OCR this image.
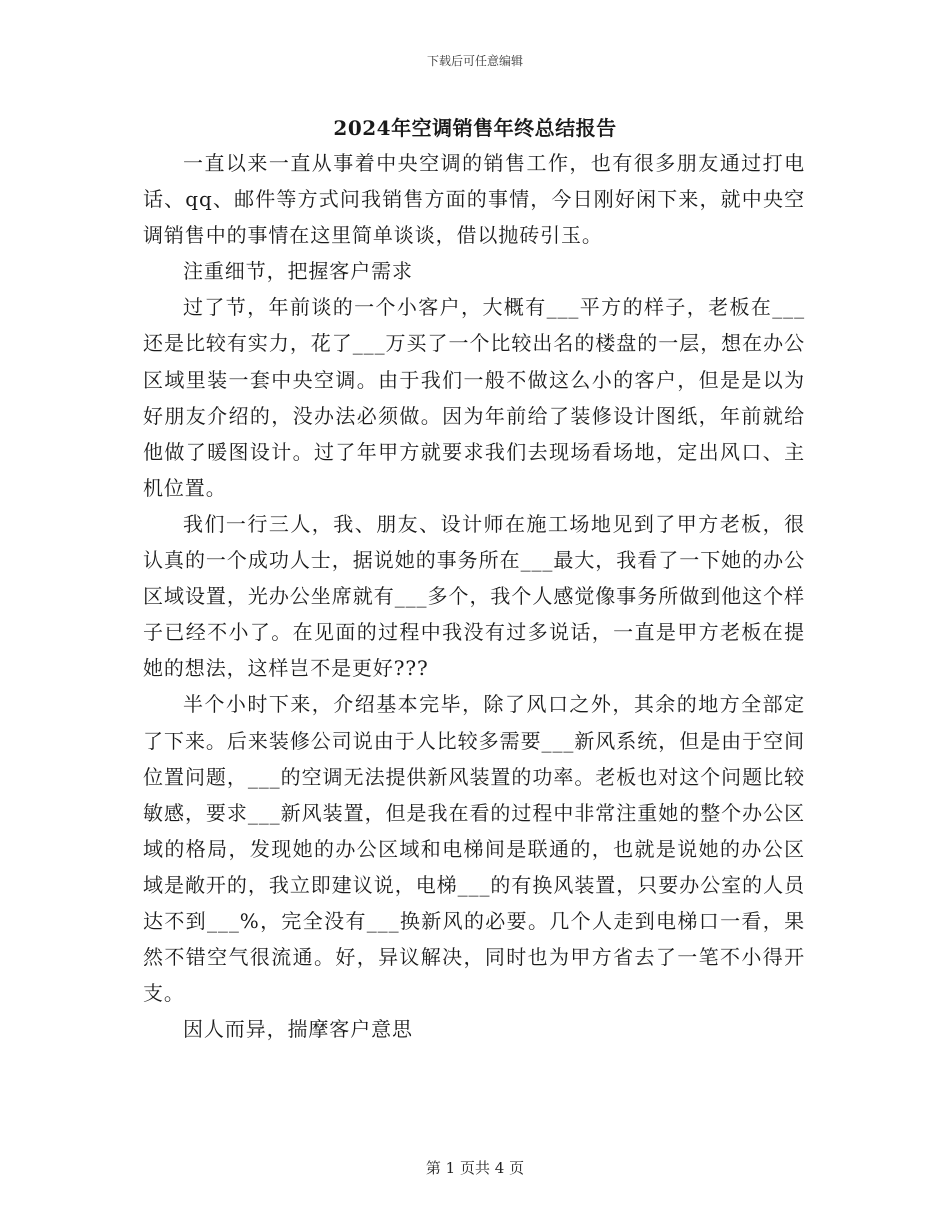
下载后可任意编辑
2024年空调销售年终总结报告

一直以来一直从事着中央空调的销售工作，也有很多朋友通过打电话、qq、邮件等方式问我销售方面的事情，今日刚好闲下来，就中央空调销售中的事情在这里简单谈谈，借以抛砖引玉。

注重细节，把握客户需求

过了节，年前谈的一个小客户，大概有___平方的样子，老板在___还是比较有实力，花了___万买了一个比较出名的楼盘的一层，想在办公区域里装一套中央空调。由于我们一般不做这么小的客户，但是是以为好朋友介绍的，没办法必须做。因为年前给了装修设计图纸，年前就给他做了暖图设计。过了年甲方就要求我们去现场看场地，定出风口、主机位置。

我们一行三人，我、朋友、设计师在施工场地见到了甲方老板，很认真的一个成功人士，据说她的事务所在___最大，我看了一下她的办公区域设置，光办公坐席就有___多个，我个人感觉像事务所做到他这个样子已经不小了。在见面的过程中我没有过多说话，一直是甲方老板在提她的想法，这样岂不是更好???

半个小时下来，介绍基本完毕，除了风口之外，其余的地方全部定了下来。后来装修公司说由于人比较多需要___新风系统，但是由于空间位置问题，___的空调无法提供新风装置的功率。老板也对这个问题比较敏感，要求___新风装置，但是我在看的过程中非常注重她的整个办公区域的格局，发现她的办公区域和电梯间是联通的，也就是说她的办公区域是敞开的，我立即建议说，电梯___的有换风装置，只要办公室的人员达不到___%，完全没有___换新风的必要。几个人走到电梯口一看，果然不错空气很流通。好，异议解决，同时也为甲方省去了一笔不小得开支。

因人而异，揣摩客户意思

第 1 页共 4 页
